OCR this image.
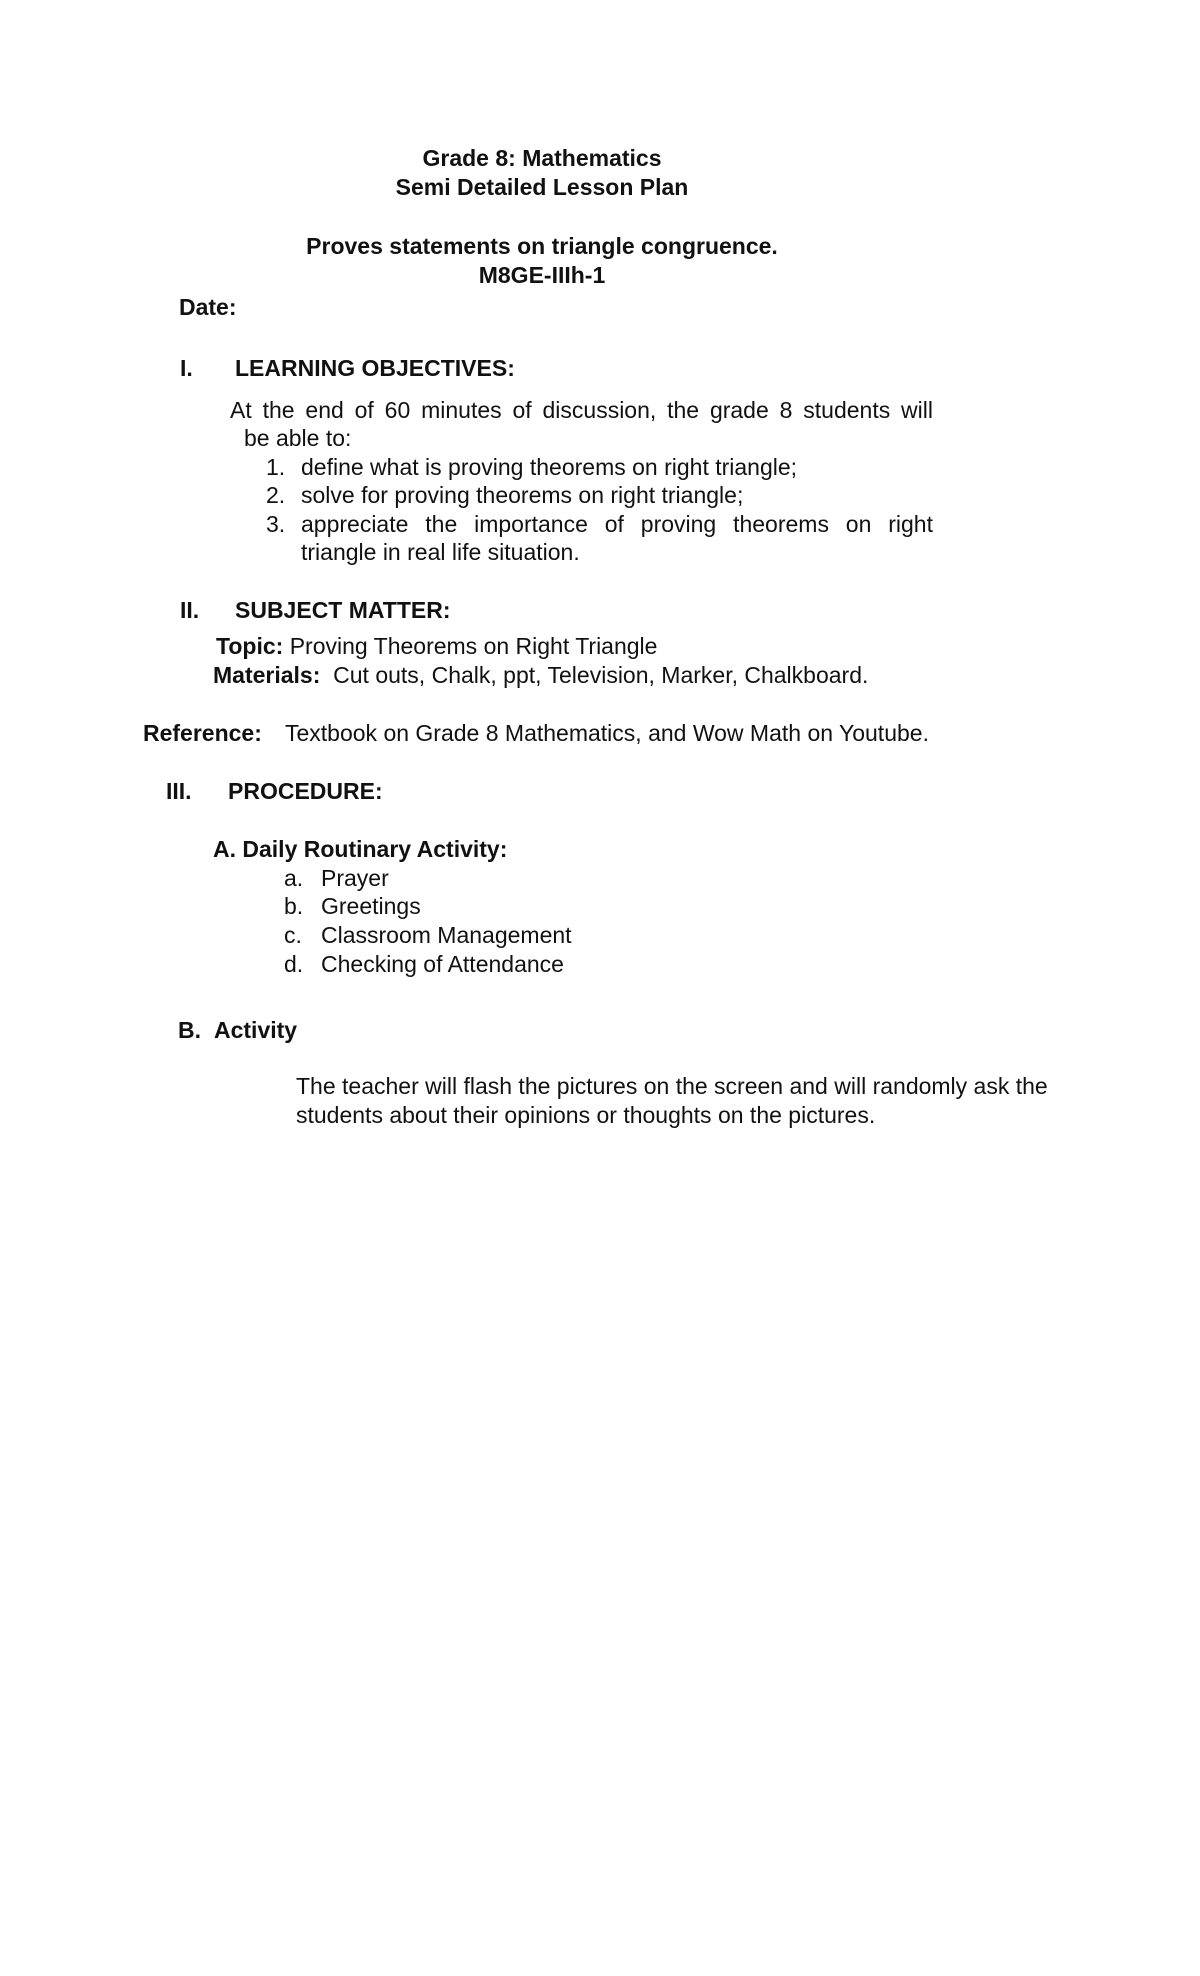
Grade 8: Mathematics
Semi Detailed Lesson Plan
Proves statements on triangle congruence.
M8GE-IIIh-1
Date:
I. LEARNING OBJECTIVES:
At the end of 60 minutes of discussion, the grade 8 students will
be able to:
1. define what is proving theorems on right triangle;
2. solve for proving theorems on right triangle;
3. appreciate the importance of proving theorems on right
triangle in real life situation.
II. SUBJECT MATTER:
Topic: Proving Theorems on Right Triangle
Materials: Cut outs, Chalk, ppt, Television, Marker, Chalkboard.
Reference: Textbook on Grade 8 Mathematics, and Wow Math on Youtube.
III. PROCEDURE:
A. Daily Routinary Activity:
a. Prayer
b. Greetings
c. Classroom Management
d. Checking of Attendance
B. Activity
The teacher will flash the pictures on the screen and will randomly ask the
students about their opinions or thoughts on the pictures.
